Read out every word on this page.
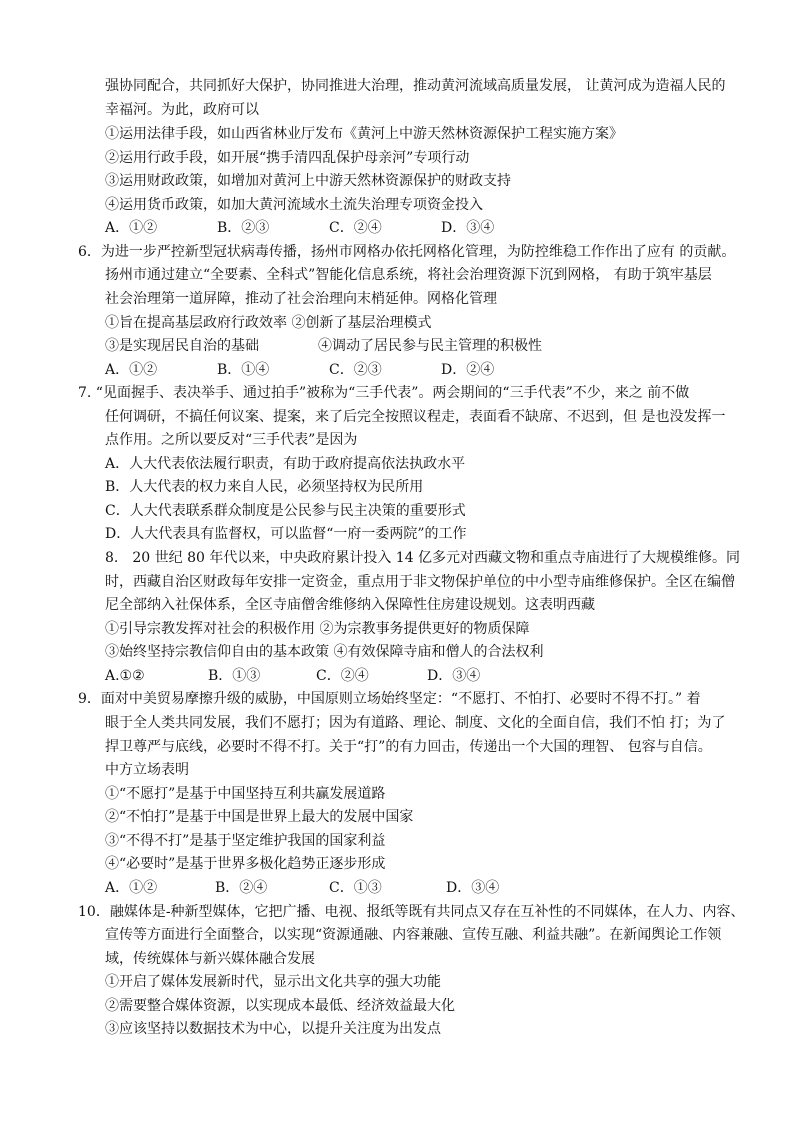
强协同配合，共同抓好大保护，协同推进大治理，推动黄河流域高质量发展， 让黄河成为造福人民的
幸福河。为此，政府可以
①运用法律手段，如山西省林业厅发布《黄河上中游天然林资源保护工程实施方案》
②运用行政手段，如开展“携手清四乱保护母亲河”专项行动
③运用财政政策，如增加对黄河上中游天然林资源保护的财政支持
④运用货币政策，如加大黄河流域水土流失治理专项资金投入
A．①②	B．②③	C．②④	D．③④
6．为进一步严控新型冠状病毒传播，扬州市网格办依托网格化管理，为防控维稳工作作出了应有 的贡献。
扬州市通过建立“全要素、全科式”智能化信息系统，将社会治理资源下沉到网格， 有助于筑牢基层
社会治理第一道屏障，推动了社会治理向末梢延伸。网格化管理
①旨在提高基层政府行政效率 ②创新了基层治理模式
③是实现居民自治的基础	④调动了居民参与民主管理的积极性
A．①②	B．①④	C．②③	D．②④
7. “见面握手、表决举手、通过拍手”被称为“三手代表”。两会期间的“三手代表”不少，来之 前不做
任何调研，不搞任何议案、提案，来了后完全按照议程走，表面看不缺席、不迟到，但 是也没发挥一
点作用。之所以要反对“三手代表”是因为
A．人大代表依法履行职责，有助于政府提高依法执政水平
B．人大代表的权力来自人民，必须坚持权为民所用
C．人大代表联系群众制度是公民参与民主决策的重要形式
D．人大代表具有监督权，可以监督“一府一委两院”的工作
8.　20 世纪 80 年代以来，中央政府累计投入 14 亿多元对西藏文物和重点寺庙进行了大规模维修。同
时，西藏自治区财政每年安排一定资金，重点用于非文物保护单位的中小型寺庙维修保护。全区在编僧
尼全部纳入社保体系，全区寺庙僧舍维修纳入保障性住房建设规划。这表明西藏
①引导宗教发挥对社会的积极作用 ②为宗教事务提供更好的物质保障
③始终坚持宗教信仰自由的基本政策 ④有效保障寺庙和僧人的合法权利
A.①②	B．①③	C．②④	D．③④
9．面对中美贸易摩擦升级的威胁，中国原则立场始终坚定：“不愿打、不怕打、必要时不得不打。” 着
眼于全人类共同发展，我们不愿打；因为有道路、理论、制度、文化的全面自信，我们不怕 打；为了
捍卫尊严与底线，必要时不得不打。关于“打”的有力回击，传递出一个大国的理智、 包容与自信。
中方立场表明
①“不愿打”是基于中国坚持互利共赢发展道路
②“不怕打”是基于中国是世界上最大的发展中国家
③“不得不打”是基于坚定维护我国的国家利益
④“必要时”是基于世界多极化趋势正逐步形成
A．①②	B．②④	C．①③	D．③④
10．融媒体是-种新型媒体，它把广播、电视、报纸等既有共同点又存在互补性的不同媒体，在人力、内容、
宣传等方面进行全面整合，以实现“资源通融、内容兼融、宣传互融、利益共融”。在新闻舆论工作领
域，传统媒体与新兴媒体融合发展
①开启了媒体发展新时代，显示出文化共享的强大功能
②需要整合媒体资源，以实现成本最低、经济效益最大化
③应该坚持以数据技术为中心，以提升关注度为出发点
